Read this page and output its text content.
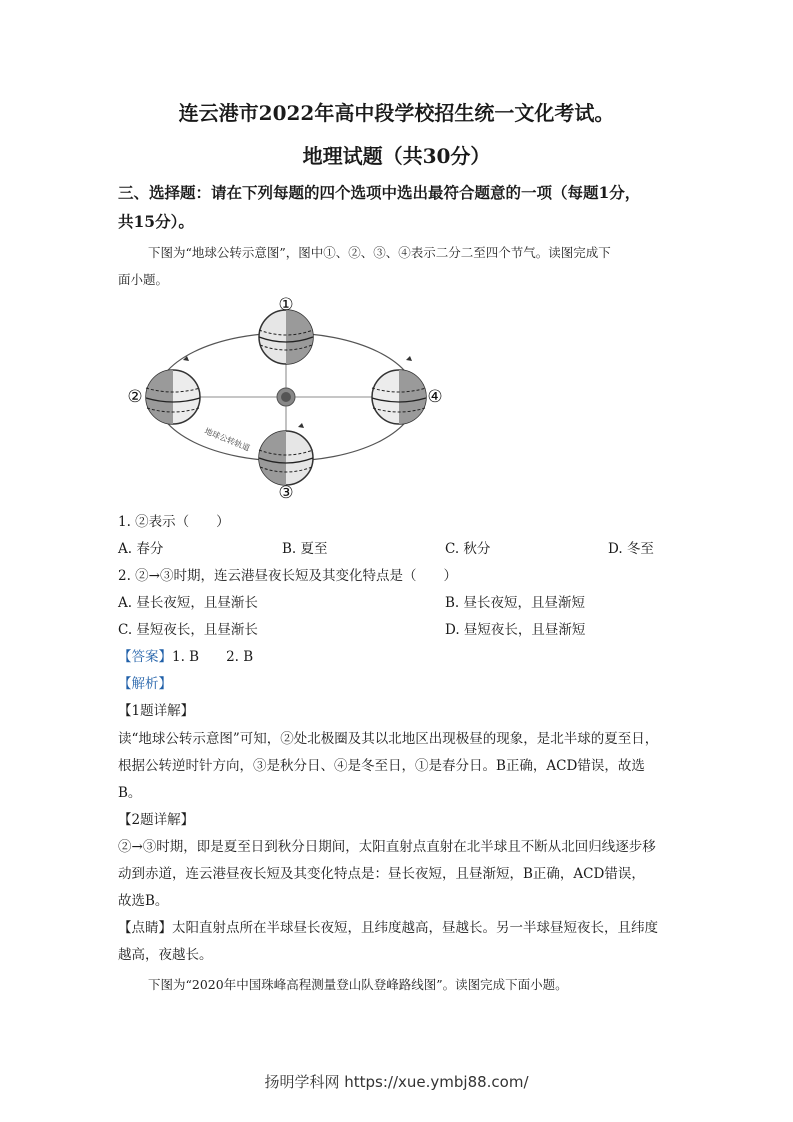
连云港市2022年高中段学校招生统一文化考试。
地理试题（共30分）
三、选择题：请在下列每题的四个选项中选出最符合题意的一项（每题1分，
共15分）。
下图为“地球公转示意图”，图中①、②、③、④表示二分二至四个节气。读图完成下
面小题。
①
②
③
④
地球公转轨道
1. ②表示（　　）
A. 春分	B. 夏至	C. 秋分	D. 冬至
2. ②→③时期，连云港昼夜长短及其变化特点是（　　）
A. 昼长夜短，且昼渐长	B. 昼长夜短，且昼渐短
C. 昼短夜长，且昼渐长	D. 昼短夜长，且昼渐短
【答案】1. B　　2. B
【解析】
【1题详解】
读“地球公转示意图”可知，②处北极圈及其以北地区出现极昼的现象，是北半球的夏至日，
根据公转逆时针方向，③是秋分日、④是冬至日，①是春分日。B正确，ACD错误，故选
B。
【2题详解】
②→③时期，即是夏至日到秋分日期间，太阳直射点直射在北半球且不断从北回归线逐步移
动到赤道，连云港昼夜长短及其变化特点是：昼长夜短，且昼渐短，B正确，ACD错误，
故选B。
【点睛】太阳直射点所在半球昼长夜短，且纬度越高，昼越长。另一半球昼短夜长，且纬度
越高，夜越长。
下图为“2020年中国珠峰高程测量登山队登峰路线图”。读图完成下面小题。
扬明学科网 https://xue.ymbj88.com/
